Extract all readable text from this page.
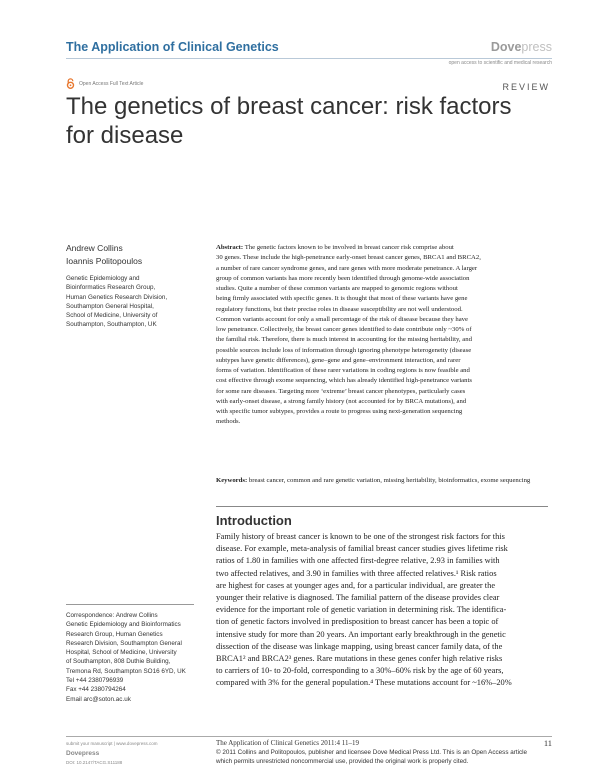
The Application of Clinical Genetics	Dovepress
open access to scientific and medical research
Open Access Full Text Article	REVIEW
The genetics of breast cancer: risk factors for disease
Andrew Collins
Ioannis Politopoulos
Genetic Epidemiology and
Bioinformatics Research Group,
Human Genetics Research Division,
Southampton General Hospital,
School of Medicine, University of
Southampton, Southampton, UK
Abstract: The genetic factors known to be involved in breast cancer risk comprise about
30 genes. These include the high-penetrance early-onset breast cancer genes, BRCA1 and BRCA2,
a number of rare cancer syndrome genes, and rare genes with more moderate penetrance. A larger
group of common variants has more recently been identified through genome-wide association
studies. Quite a number of these common variants are mapped to genomic regions without
being firmly associated with specific genes. It is thought that most of these variants have gene
regulatory functions, but their precise roles in disease susceptibility are not well understood.
Common variants account for only a small percentage of the risk of disease because they have
low penetrance. Collectively, the breast cancer genes identified to date contribute only ~30% of
the familial risk. Therefore, there is much interest in accounting for the missing heritability, and
possible sources include loss of information through ignoring phenotype heterogeneity (disease
subtypes have genetic differences), gene–gene and gene–environment interaction, and rarer
forms of variation. Identification of these rarer variations in coding regions is now feasible and
cost effective through exome sequencing, which has already identified high-penetrance variants
for some rare diseases. Targeting more ‘extreme’ breast cancer phenotypes, particularly cases
with early-onset disease, a strong family history (not accounted for by BRCA mutations), and
with specific tumor subtypes, provides a route to progress using next-generation sequencing
methods.
Keywords: breast cancer, common and rare genetic variation, missing heritability, bioinformatics, exome sequencing
Introduction
Family history of breast cancer is known to be one of the strongest risk factors for this
disease. For example, meta-analysis of familial breast cancer studies gives lifetime risk
ratios of 1.80 in families with one affected first-degree relative, 2.93 in families with
two affected relatives, and 3.90 in families with three affected relatives.¹ Risk ratios
are highest for cases at younger ages and, for a particular individual, are greater the
younger their relative is diagnosed. The familial pattern of the disease provides clear
evidence for the important role of genetic variation in determining risk. The identifica-
tion of genetic factors involved in predisposition to breast cancer has been a topic of
intensive study for more than 20 years. An important early breakthrough in the genetic
dissection of the disease was linkage mapping, using breast cancer family data, of the
BRCA1² and BRCA2³ genes. Rare mutations in these genes confer high relative risks
to carriers of 10- to 20-fold, corresponding to a 30%–60% risk by the age of 60 years,
compared with 3% for the general population.⁴ These mutations account for ~16%–20%
Correspondence: Andrew Collins
Genetic Epidemiology and Bioinformatics
Research Group, Human Genetics
Research Division, Southampton General
Hospital, School of Medicine, University
of Southampton, 808 Duthie Building,
Tremona Rd, Southampton SO16 6YD, UK
Tel +44 2380796939
Fax +44 2380794264
Email arc@soton.ac.uk
submit your manuscript | www.dovepress.com
Dovepress
DOI: 10.2147/TACG.S11188
The Application of Clinical Genetics 2011:4 11–19	11
© 2011 Collins and Politopoulos, publisher and licensee Dove Medical Press Ltd. This is an Open Access article
which permits unrestricted noncommercial use, provided the original work is properly cited.
